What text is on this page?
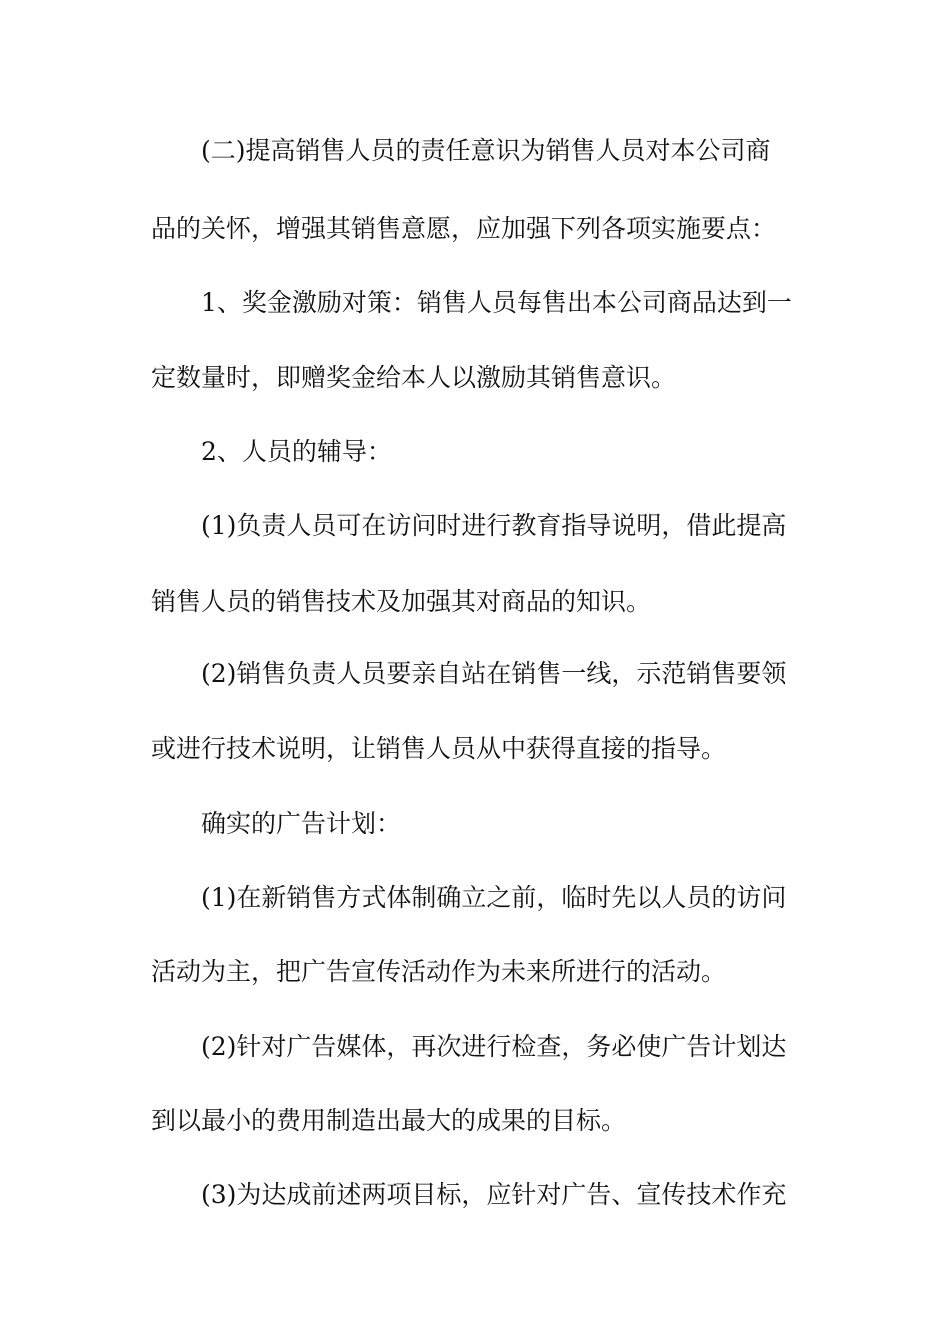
(二)提高销售人员的责任意识为销售人员对本公司商
品的关怀，增强其销售意愿，应加强下列各项实施要点：
1、奖金激励对策：销售人员每售出本公司商品达到一
定数量时，即赠奖金给本人以激励其销售意识。
2、人员的辅导：
(1)负责人员可在访问时进行教育指导说明，借此提高
销售人员的销售技术及加强其对商品的知识。
(2)销售负责人员要亲自站在销售一线，示范销售要领
或进行技术说明，让销售人员从中获得直接的指导。
确实的广告计划：
(1)在新销售方式体制确立之前，临时先以人员的访问
活动为主，把广告宣传活动作为未来所进行的活动。
(2)针对广告媒体，再次进行检查，务必使广告计划达
到以最小的费用制造出最大的成果的目标。
(3)为达成前述两项目标，应针对广告、宣传技术作充
